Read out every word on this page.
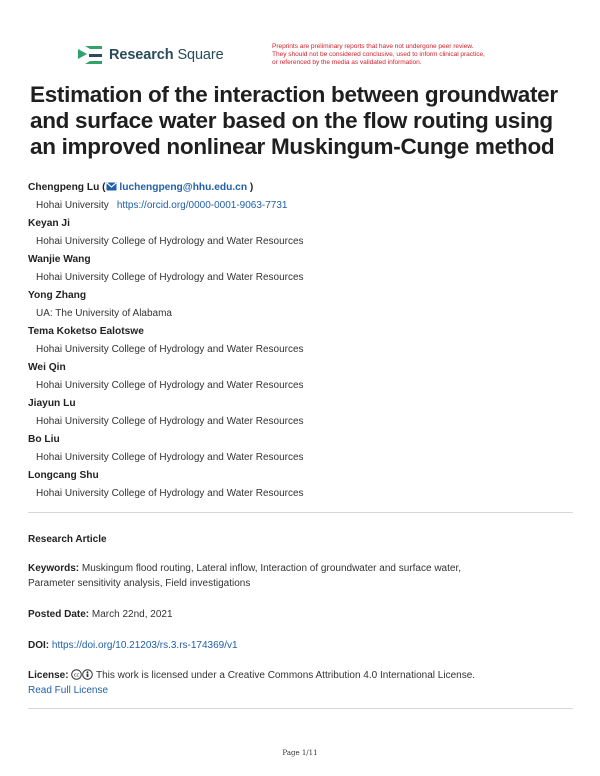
Research Square
Preprints are preliminary reports that have not undergone peer review.
They should not be considered conclusive, used to inform clinical practice,
or referenced by the media as validated information.
Estimation of the interaction between groundwater and surface water based on the flow routing using an improved nonlinear Muskingum-Cunge method
Chengpeng Lu ( luchengpeng@hhu.edu.cn )
Hohai University https://orcid.org/0000-0001-9063-7731
Keyan Ji
Hohai University College of Hydrology and Water Resources
Wanjie Wang
Hohai University College of Hydrology and Water Resources
Yong Zhang
UA: The University of Alabama
Tema Koketso Ealotswe
Hohai University College of Hydrology and Water Resources
Wei Qin
Hohai University College of Hydrology and Water Resources
Jiayun Lu
Hohai University College of Hydrology and Water Resources
Bo Liu
Hohai University College of Hydrology and Water Resources
Longcang Shu
Hohai University College of Hydrology and Water Resources
Research Article
Keywords: Muskingum flood routing, Lateral inflow, Interaction of groundwater and surface water,
Parameter sensitivity analysis, Field investigations
Posted Date: March 22nd, 2021
DOI: https://doi.org/10.21203/rs.3.rs-174369/v1
License: cc This work is licensed under a Creative Commons Attribution 4.0 International License.
Read Full License
Page 1/11
